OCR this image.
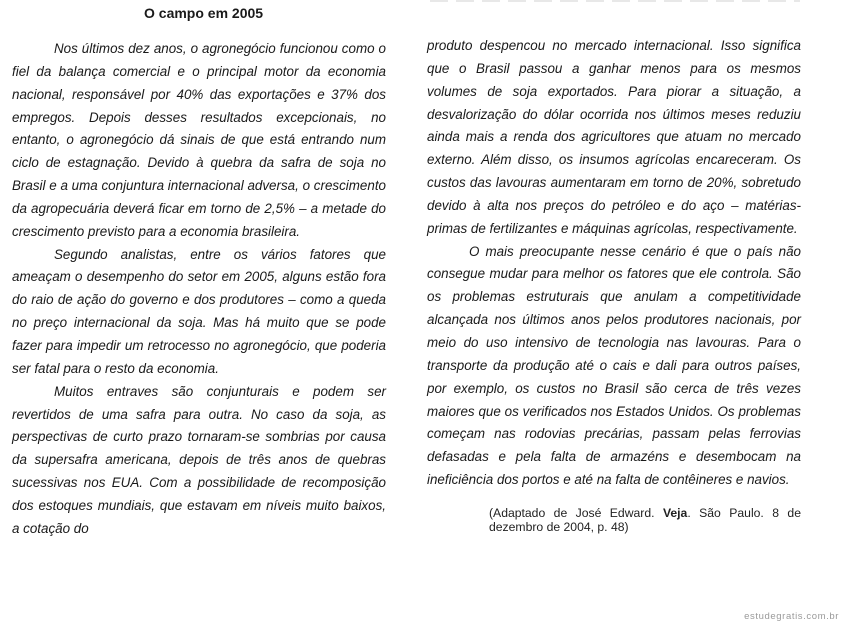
O campo em 2005

Nos últimos dez anos, o agronegócio funcionou como o fiel da balança comercial e o principal motor da economia nacional, responsável por 40% das exportações e 37% dos empregos. Depois desses resultados excepcionais, no entanto, o agronegócio dá sinais de que está entrando num ciclo de estagnação. Devido à quebra da safra de soja no Brasil e a uma conjuntura internacional adversa, o crescimento da agropecuária deverá ficar em torno de 2,5% – a metade do crescimento previsto para a economia brasileira.

Segundo analistas, entre os vários fatores que ameaçam o desempenho do setor em 2005, alguns estão fora do raio de ação do governo e dos produtores – como a queda no preço internacional da soja. Mas há muito que se pode fazer para impedir um retrocesso no agronegócio, que poderia ser fatal para o resto da economia.

Muitos entraves são conjunturais e podem ser revertidos de uma safra para outra. No caso da soja, as perspectivas de curto prazo tornaram-se sombrias por causa da supersafra americana, depois de três anos de quebras sucessivas nos EUA. Com a possibilidade de recomposição dos estoques mundiais, que estavam em níveis muito baixos, a cotação do

produto despencou no mercado internacional. Isso significa que o Brasil passou a ganhar menos para os mesmos volumes de soja exportados. Para piorar a situação, a desvalorização do dólar ocorrida nos últimos meses reduziu ainda mais a renda dos agricultores que atuam no mercado externo. Além disso, os insumos agrícolas encareceram. Os custos das lavouras aumentaram em torno de 20%, sobretudo devido à alta nos preços do petróleo e do aço – matérias-primas de fertilizantes e máquinas agrícolas, respectivamente.

O mais preocupante nesse cenário é que o país não consegue mudar para melhor os fatores que ele controla. São os problemas estruturais que anulam a competitividade alcançada nos últimos anos pelos produtores nacionais, por meio do uso intensivo de tecnologia nas lavouras. Para o transporte da produção até o cais e dali para outros países, por exemplo, os custos no Brasil são cerca de três vezes maiores que os verificados nos Estados Unidos. Os problemas começam nas rodovias precárias, passam pelas ferrovias defasadas e pela falta de armazéns e desembocam na ineficiência dos portos e até na falta de contêineres e navios.

(Adaptado de José Edward. Veja. São Paulo. 8 de dezembro de 2004, p. 48)
estudegratis.com.br
